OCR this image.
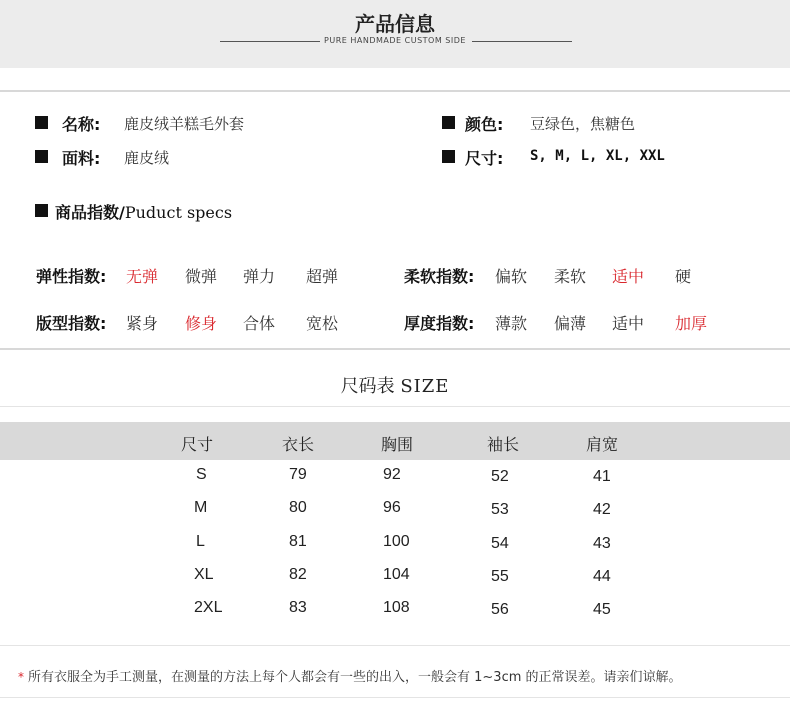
产品信息
PURE HANDMADE CUSTOM SIDE
名称: 鹿皮绒羊糕毛外套	颜色: 豆绿色，焦糖色
面料: 鹿皮绒	尺寸: S, M, L, XL, XXL
商品指数/Puduct specs
弹性指数: 无弹 微弹 弹力 超弹	柔软指数: 偏软 柔软 适中 硬
版型指数: 紧身 修身 合体 宽松	厚度指数: 薄款 偏薄 适中 加厚
尺码表 SIZE
尺寸	衣长	胸围	袖长	肩宽
S	79	92	52	41
M	80	96	53	42
L	81	100	54	43
XL	82	104	55	44
2XL	83	108	56	45
* 所有衣服全为手工测量，在测量的方法上每个人都会有一些的出入，一般会有 1~3cm 的正常误差。请亲们谅解。
